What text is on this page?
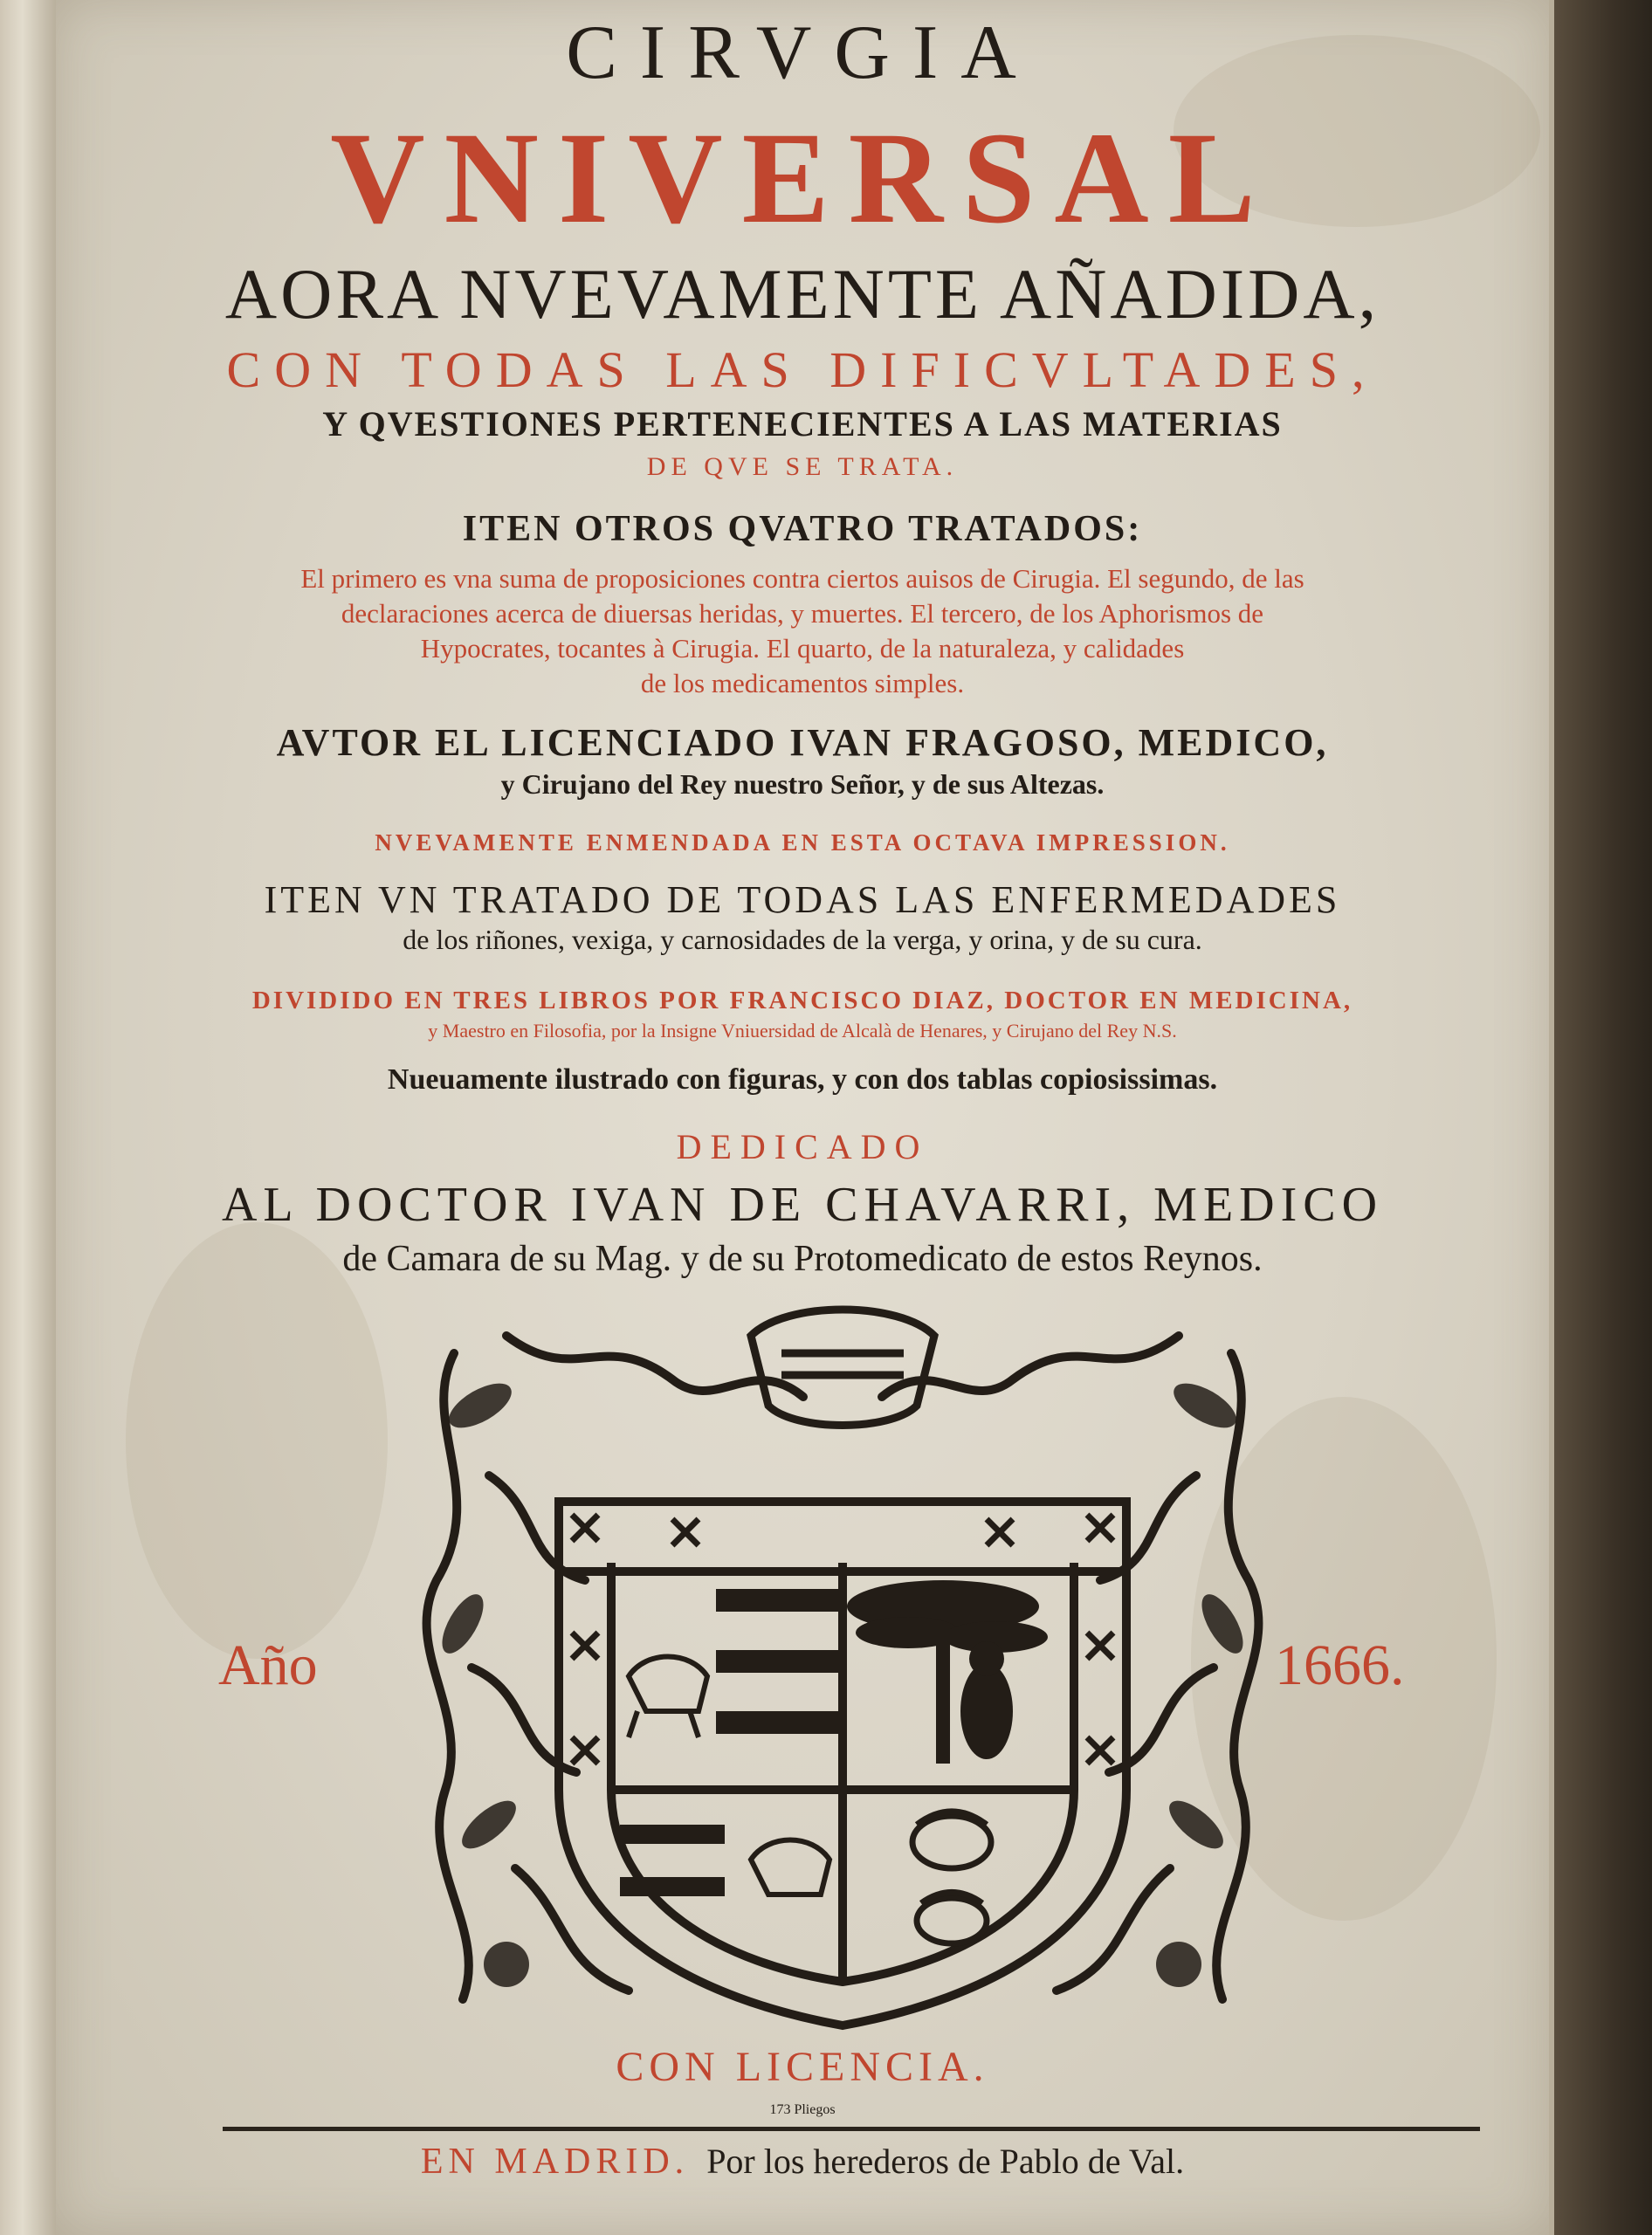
CIRVGIA

VNIVERSAL

AORA NVEVAMENTE AÑADIDA,

CON TODAS LAS DIFICVLTADES,

Y QVESTIONES PERTENECIENTES A LAS MATERIAS

DE QVE SE TRATA.

ITEN OTROS QVATRO TRATADOS:

El primero es vna suma de proposiciones contra ciertos auisos de Cirugia. El segundo, de las

declaraciones acerca de diuersas heridas, y muertes. El tercero, de los Aphorismos de

Hypocrates, tocantes à Cirugia. El quarto, de la naturaleza, y calidades

de los medicamentos simples.

AVTOR EL LICENCIADO IVAN FRAGOSO, MEDICO,

y Cirujano del Rey nuestro Señor, y de sus Altezas.

NVEVAMENTE ENMENDADA EN ESTA OCTAVA IMPRESSION.

ITEN VN TRATADO DE TODAS LAS ENFERMEDADES

de los riñones, vexiga, y carnosidades de la verga, y orina, y de su cura.

DIVIDIDO EN TRES LIBROS POR FRANCISCO DIAZ, DOCTOR EN MEDICINA,

y Maestro en Filosofia, por la Insigne Vniuersidad de Alcalà de Henares, y Cirujano del Rey N.S.

Nueuamente ilustrado con figuras, y con dos tablas copiosissimas.

DEDICADO

AL DOCTOR IVAN DE CHAVARRI, MEDICO

de Camara de su Mag. y de su Protomedicato de estos Reynos.

Año	1666.

CON LICENCIA.

173 Pliegos

EN MADRID. Por los herederos de Pablo de Val.
